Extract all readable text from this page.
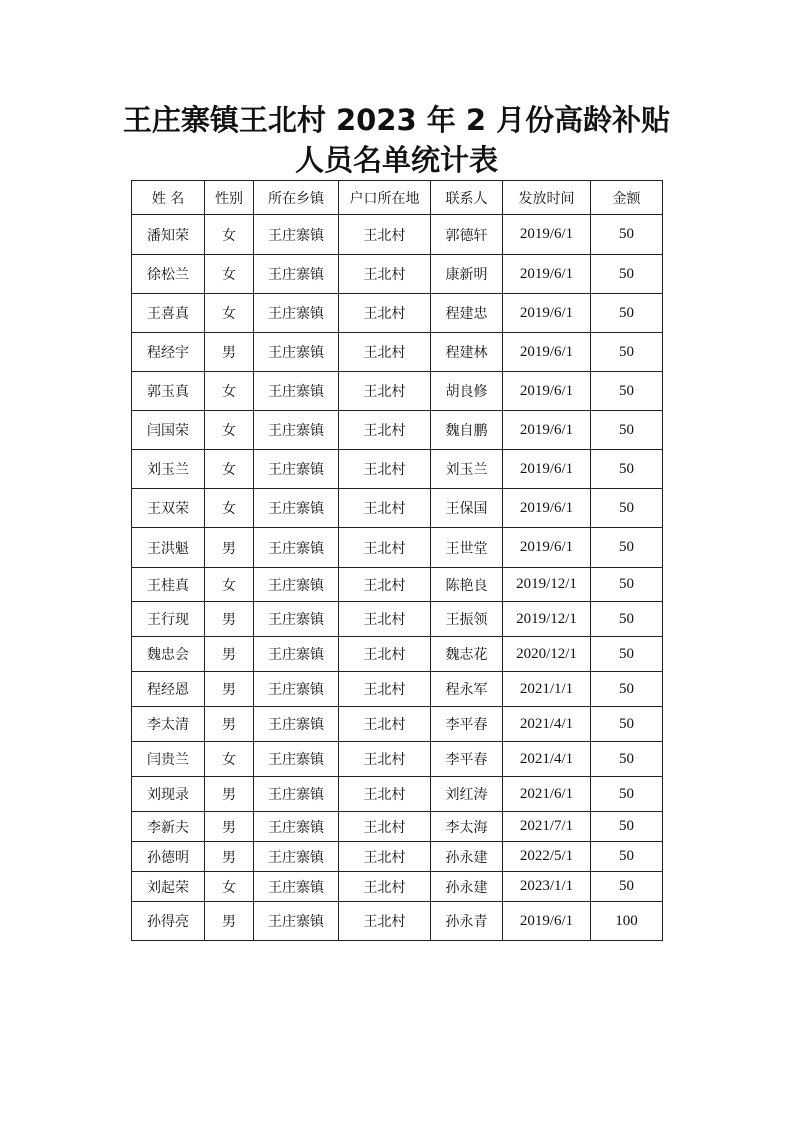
王庄寨镇王北村 2023 年 2 月份高龄补贴
人员名单统计表
姓 名	性别	所在乡镇	户口所在地	联系人	发放时间	金额
潘知荣	女	王庄寨镇	王北村	郭德轩	2019/6/1	50
徐松兰	女	王庄寨镇	王北村	康新明	2019/6/1	50
王喜真	女	王庄寨镇	王北村	程建忠	2019/6/1	50
程经宇	男	王庄寨镇	王北村	程建林	2019/6/1	50
郭玉真	女	王庄寨镇	王北村	胡良修	2019/6/1	50
闫国荣	女	王庄寨镇	王北村	魏自鹏	2019/6/1	50
刘玉兰	女	王庄寨镇	王北村	刘玉兰	2019/6/1	50
王双荣	女	王庄寨镇	王北村	王保国	2019/6/1	50
王洪魁	男	王庄寨镇	王北村	王世堂	2019/6/1	50
王桂真	女	王庄寨镇	王北村	陈艳良	2019/12/1	50
王行现	男	王庄寨镇	王北村	王振领	2019/12/1	50
魏忠会	男	王庄寨镇	王北村	魏志花	2020/12/1	50
程经恩	男	王庄寨镇	王北村	程永军	2021/1/1	50
李太清	男	王庄寨镇	王北村	李平春	2021/4/1	50
闫贵兰	女	王庄寨镇	王北村	李平春	2021/4/1	50
刘现录	男	王庄寨镇	王北村	刘红涛	2021/6/1	50
李新夫	男	王庄寨镇	王北村	李太海	2021/7/1	50
孙德明	男	王庄寨镇	王北村	孙永建	2022/5/1	50
刘起荣	女	王庄寨镇	王北村	孙永建	2023/1/1	50
孙得亮	男	王庄寨镇	王北村	孙永青	2019/6/1	100
